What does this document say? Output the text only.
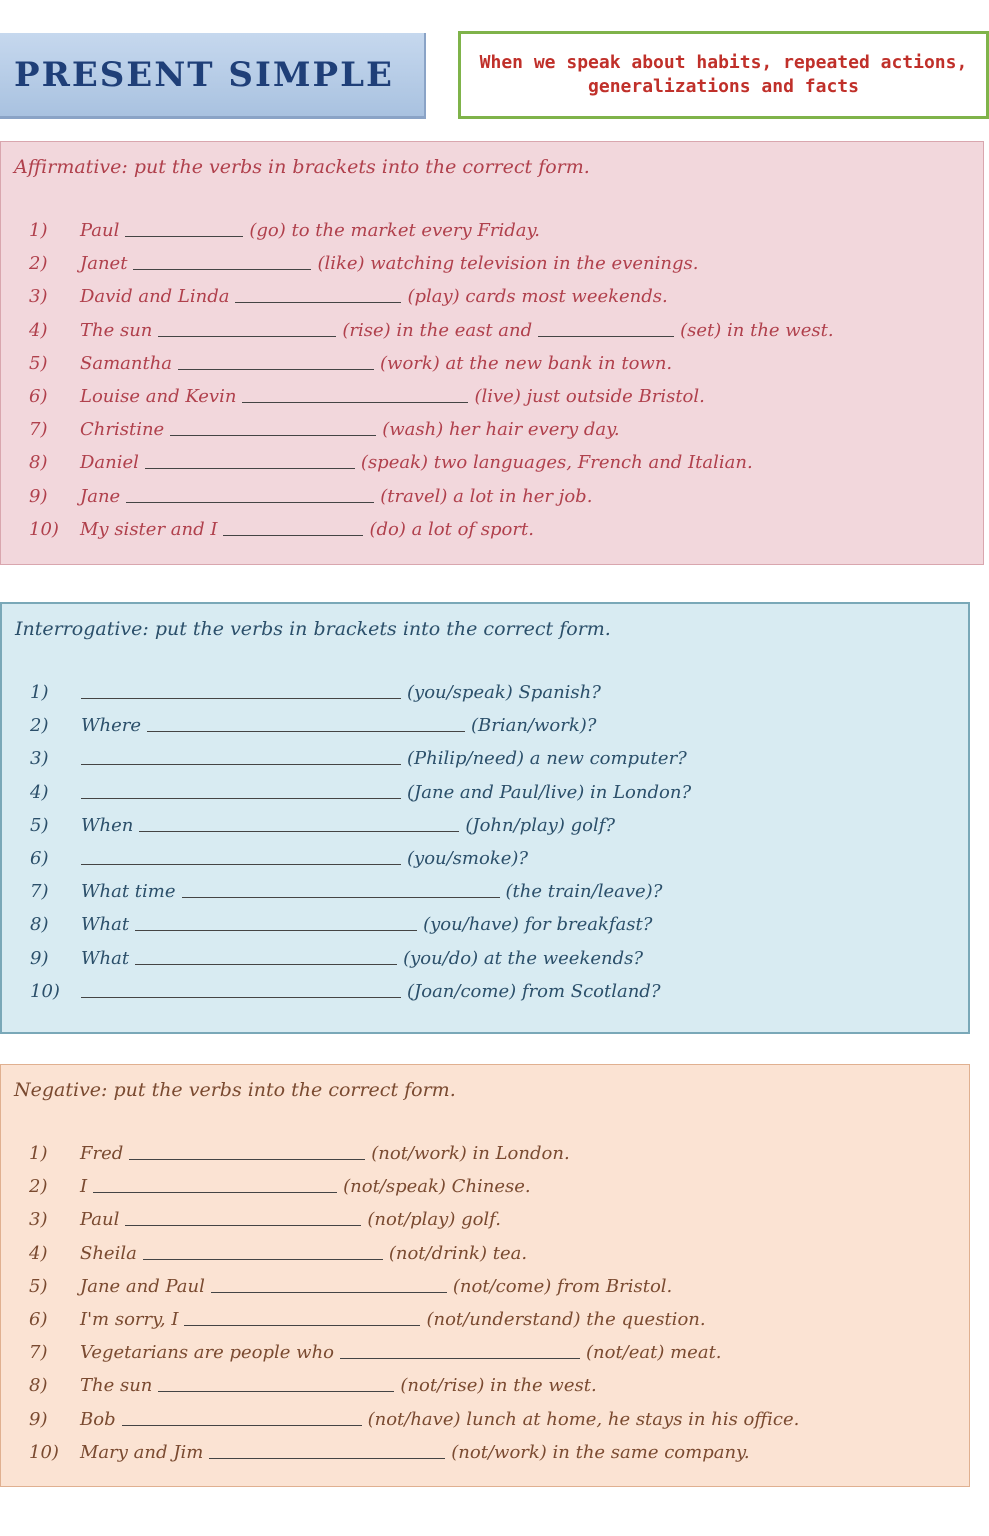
PRESENT SIMPLE	When we speak about habits, repeated actions, generalizations and facts
Affirmative: put the verbs in brackets into the correct form.
1) Paul	(go) to the market every Friday.
2) Janet	(like) watching television in the evenings.
3) David and Linda	(play) cards most weekends.
4) The sun	(rise) in the east and	(set) in the west.
5) Samantha	(work) at the new bank in town.
6) Louise and Kevin	(live) just outside Bristol.
7) Christine	(wash) her hair every day.
8) Daniel	(speak) two languages, French and Italian.
9) Jane	(travel) a lot in her job.
10) My sister and I	(do) a lot of sport.
Interrogative: put the verbs in brackets into the correct form.
1)	(you/speak) Spanish?
2) Where	(Brian/work)?
3)	(Philip/need) a new computer?
4)	(Jane and Paul/live) in London?
5) When	(John/play) golf?
6)	(you/smoke)?
7) What time	(the train/leave)?
8) What	(you/have) for breakfast?
9) What	(you/do) at the weekends?
10)	(Joan/come) from Scotland?
Negative: put the verbs into the correct form.
1) Fred	(not/work) in London.
2) I	(not/speak) Chinese.
3) Paul	(not/play) golf.
4) Sheila	(not/drink) tea.
5) Jane and Paul	(not/come) from Bristol.
6) I'm sorry, I	(not/understand) the question.
7) Vegetarians are people who	(not/eat) meat.
8) The sun	(not/rise) in the west.
9) Bob	(not/have) lunch at home, he stays in his office.
10) Mary and Jim	(not/work) in the same company.
